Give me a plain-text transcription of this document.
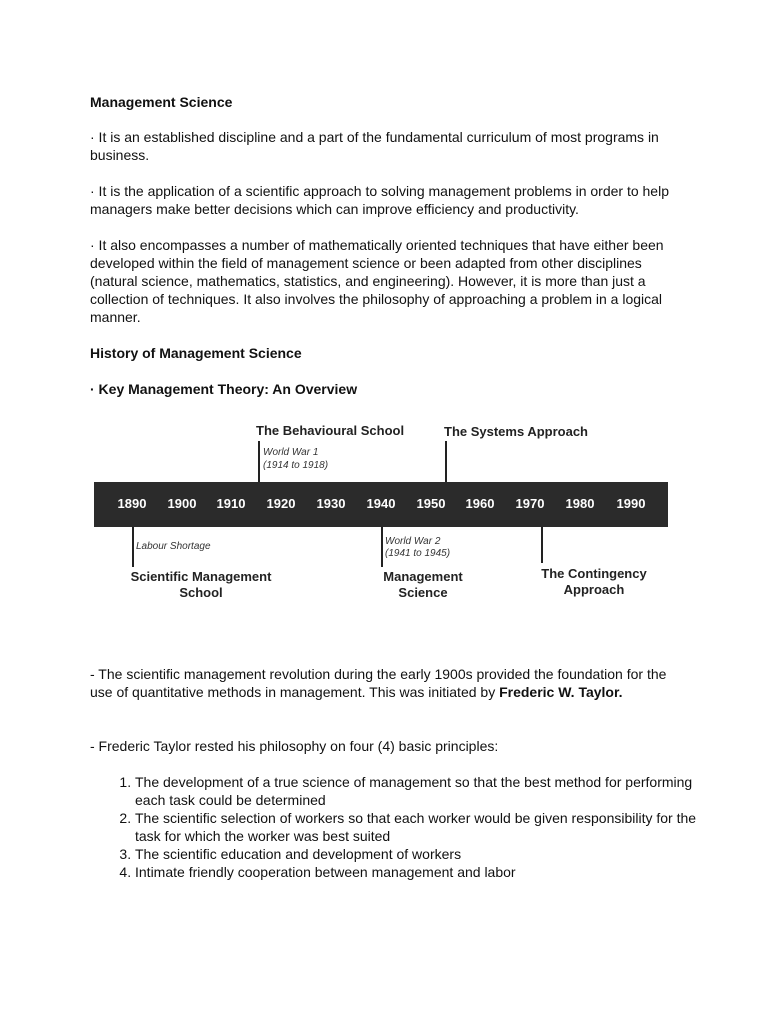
Management Science
· It is an established discipline and a part of the fundamental curriculum of most programs in business.
· It is the application of a scientific approach to solving management problems in order to help managers make better decisions which can improve efficiency and productivity.
· It also encompasses a number of mathematically oriented techniques that have either been developed within the field of management science or been adapted from other disciplines (natural science, mathematics, statistics, and engineering). However, it is more than just a collection of techniques. It also involves the philosophy of approaching a problem in a logical manner.
History of Management Science
· Key Management Theory: An Overview
The Behavioural School
World War 1
(1914 to 1918)
The Systems Approach
1890	1900	1910	1920	1930	1940	1950	1960	1970	1980	1990
Labour Shortage
Scientific Management
School
World War 2
(1941 to 1945)
Management
Science
The Contingency
Approach
- The scientific management revolution during the early 1900s provided the foundation for the use of quantitative methods in management. This was initiated by Frederic W. Taylor.
- Frederic Taylor rested his philosophy on four (4) basic principles:
1. The development of a true science of management so that the best method for performing each task could be determined
2. The scientific selection of workers so that each worker would be given responsibility for the task for which the worker was best suited
3. The scientific education and development of workers
4. Intimate friendly cooperation between management and labor
